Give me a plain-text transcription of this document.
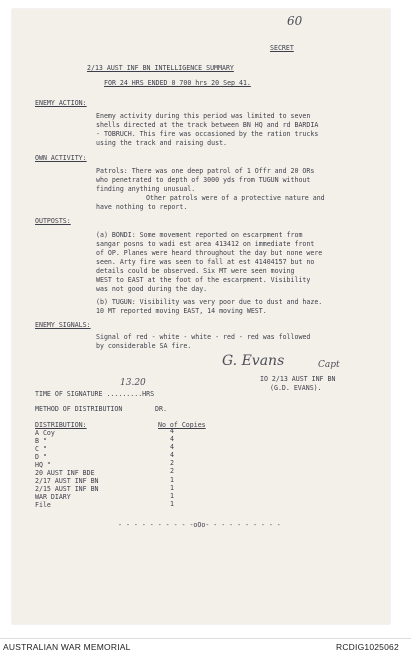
60
SECRET
2/13 AUST INF BN INTELLIGENCE SUMMARY
FOR 24 HRS ENDED 0 700 hrs 20 Sep 41.
ENEMY ACTION:
Enemy activity during this period was limited to seven
shells directed at the track between BN HQ and rd BARDIA
- TOBRUCH. This fire was occasioned by the ration trucks
using the track and raising dust.
OWN ACTIVITY:
Patrols: There was one deep patrol of 1 Offr and 20 ORs
who penetrated to depth of 3000 yds from TUGUN without
finding anything unusual.
Other patrols were of a protective nature and
have nothing to report.
OUTPOSTS:
(a) BONDI: Some movement reported on escarpment from
sangar posns to wadi est area 413412 on immediate front
of OP. Planes were heard throughout the day but none were
seen. Arty fire was seen to fall at est 41404157 but no
details could be observed. Six MT were seen moving
WEST to EAST at the foot of the escarpment. Visibility
was not good during the day.
(b) TUGUN: Visibility was very poor due to dust and haze.
10 MT reported moving EAST, 14 moving WEST.
ENEMY SIGNALS:
Signal of red - white - white - red - red was followed
by considerable SA fire.
G. Evans	Capt
IO 2/13 AUST INF BN
(G.D. EVANS).
13.20
TIME OF SIGNATURE .........HRS
METHOD OF DISTRIBUTION	DR.
DISTRIBUTION:	No of Copies
A Coy	4
B "	4
C "	4
D "	4
HQ "	2
20 AUST INF BDE	2
2/17 AUST INF BN	1
2/15 AUST INF BN	1
WAR DIARY	1
File	1
- - - - - - - - - -oOo- - - - - - - - - -
AUSTRALIAN WAR MEMORIAL	RCDIG1025062
